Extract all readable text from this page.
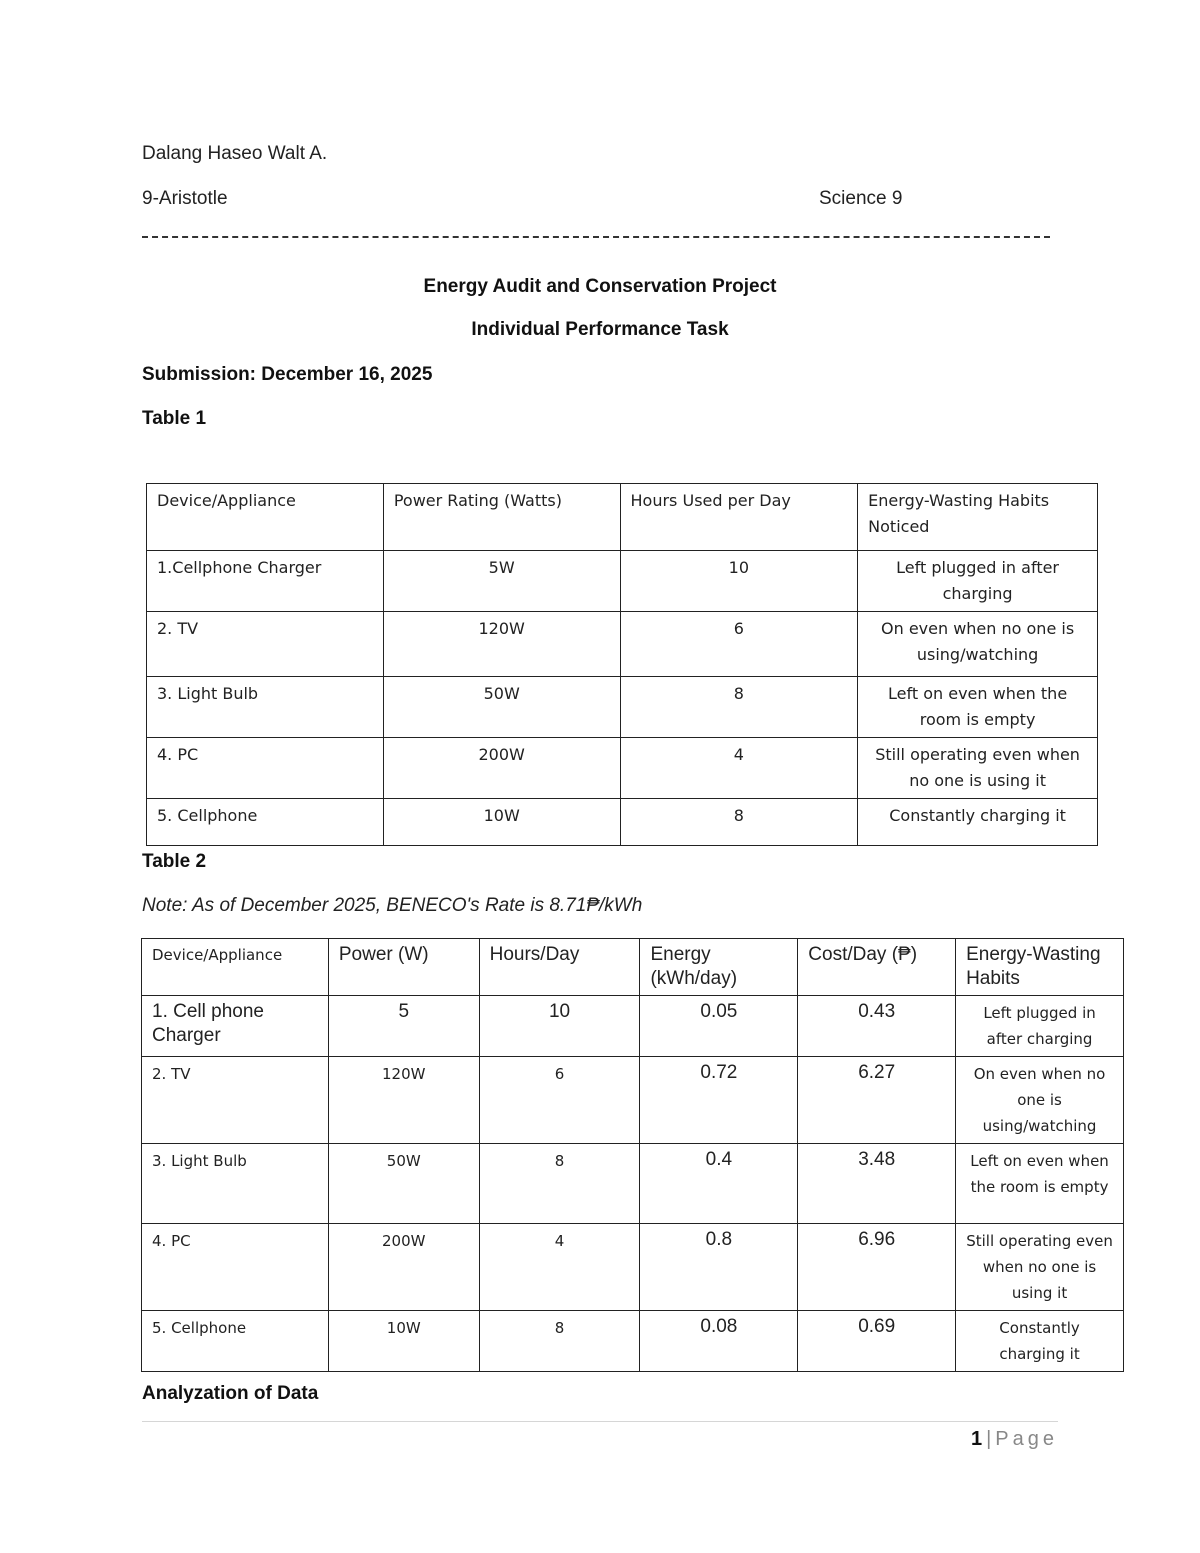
Dalang Haseo Walt A.
9-Aristotle	Science 9
Energy Audit and Conservation Project
Individual Performance Task
Submission: December 16, 2025
Table 1
Device/Appliance	Power Rating (Watts)	Hours Used per Day	Energy-Wasting Habits Noticed
1.Cellphone Charger	5W	10	Left plugged in after charging
2. TV	120W	6	On even when no one is using/watching
3. Light Bulb	50W	8	Left on even when the room is empty
4. PC	200W	4	Still operating even when no one is using it
5. Cellphone	10W	8	Constantly charging it
Table 2
Note: As of December 2025, BENECO's Rate is 8.71₱/kWh
Device/Appliance	Power (W)	Hours/Day	Energy (kWh/day)	Cost/Day (₱)	Energy-Wasting Habits
1. Cell phone Charger	5	10	0.05	0.43	Left plugged in after charging
2. TV	120W	6	0.72	6.27	On even when no one is using/watching
3. Light Bulb	50W	8	0.4	3.48	Left on even when the room is empty
4. PC	200W	4	0.8	6.96	Still operating even when no one is using it
5. Cellphone	10W	8	0.08	0.69	Constantly charging it
Analyzation of Data
1 | Page
